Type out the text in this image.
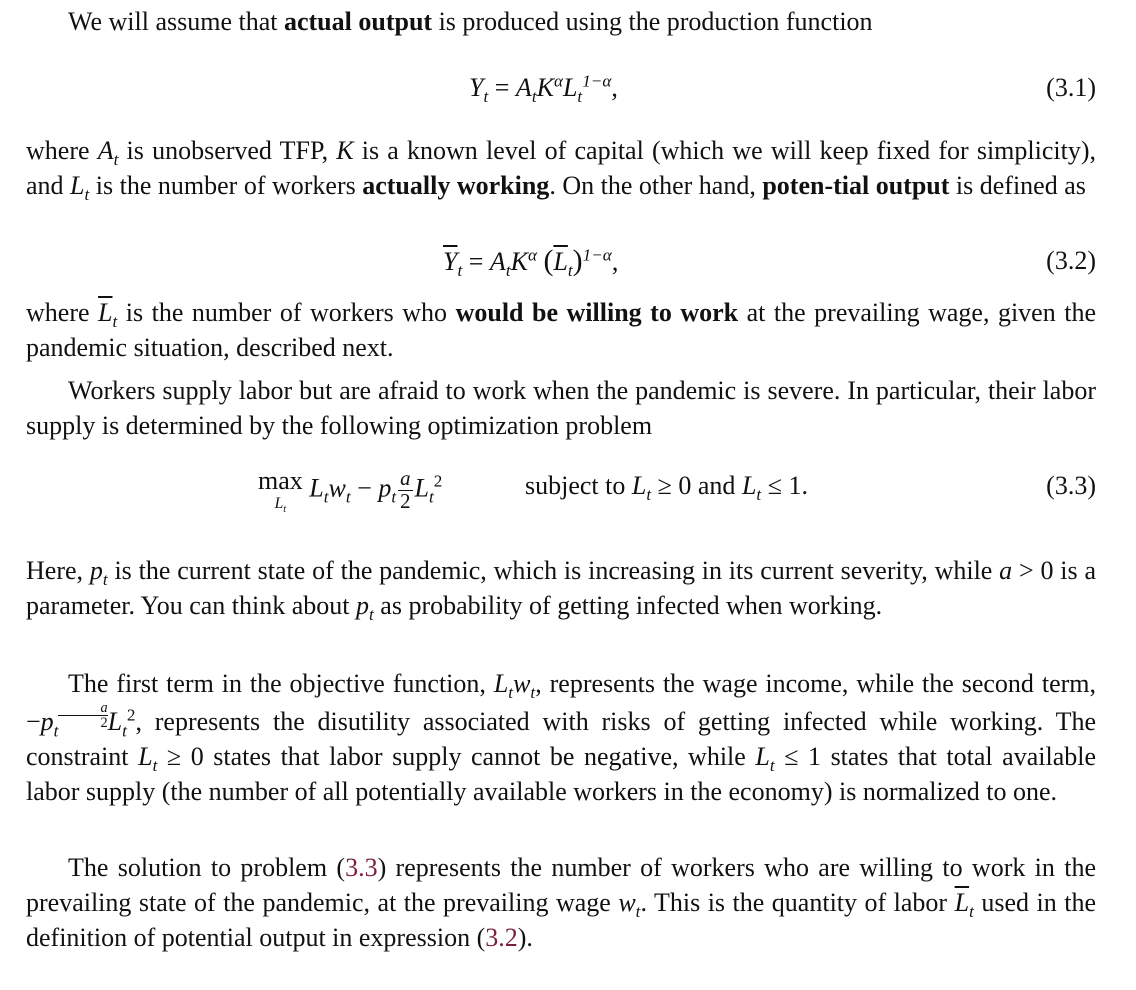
We will assume that actual output is produced using the production function

$Y_t = A_tK^\alpha L_t^{1-\alpha}$,	(3.1)

where $A_t$ is unobserved TFP, K is a known level of capital (which we will keep fixed for simplicity), and $L_t$ is the number of workers actually working. On the other hand, poten-tial output is defined as

$\overline{Y}_t = A_tK^\alpha$ $(\overline{L}_t)^{1-\alpha}$,	(3.2)

where $\overline{L}_t$ is the number of workers who would be willing to work at the prevailing wage, given the pandemic situation, described next.

Workers supply labor but are afraid to work when the pandemic is severe. In particular, their labor supply is determined by the following optimization problem

max
$L_t$
$L_tw_t - p_t \frac{a}{2} L_t^2$	subject to $L_t \ge 0$ and $L_t \le 1$.	(3.3)

Here, $p_t$ is the current state of the pandemic, which is increasing in its current severity, while a > 0 is a parameter. You can think about $p_t$ as probability of getting infected when working.

The first term in the objective function, $L_tw_t$, represents the wage income, while the second term, $-p_t$
$\frac{a}{2} L_t^2$, represents the disutility associated with risks of getting infected while working. The constraint $L_t \ge 0$ states that labor supply cannot be negative, while $L_t \le 1$ states that total available labor supply (the number of all potentially available workers in the economy) is normalized to one.

The solution to problem (3.3) represents the number of workers who are willing to work in the prevailing state of the pandemic, at the prevailing wage $w_t$. This is the quantity of labor $\overline{L}_t$ used in the definition of potential output in expression (3.2).
